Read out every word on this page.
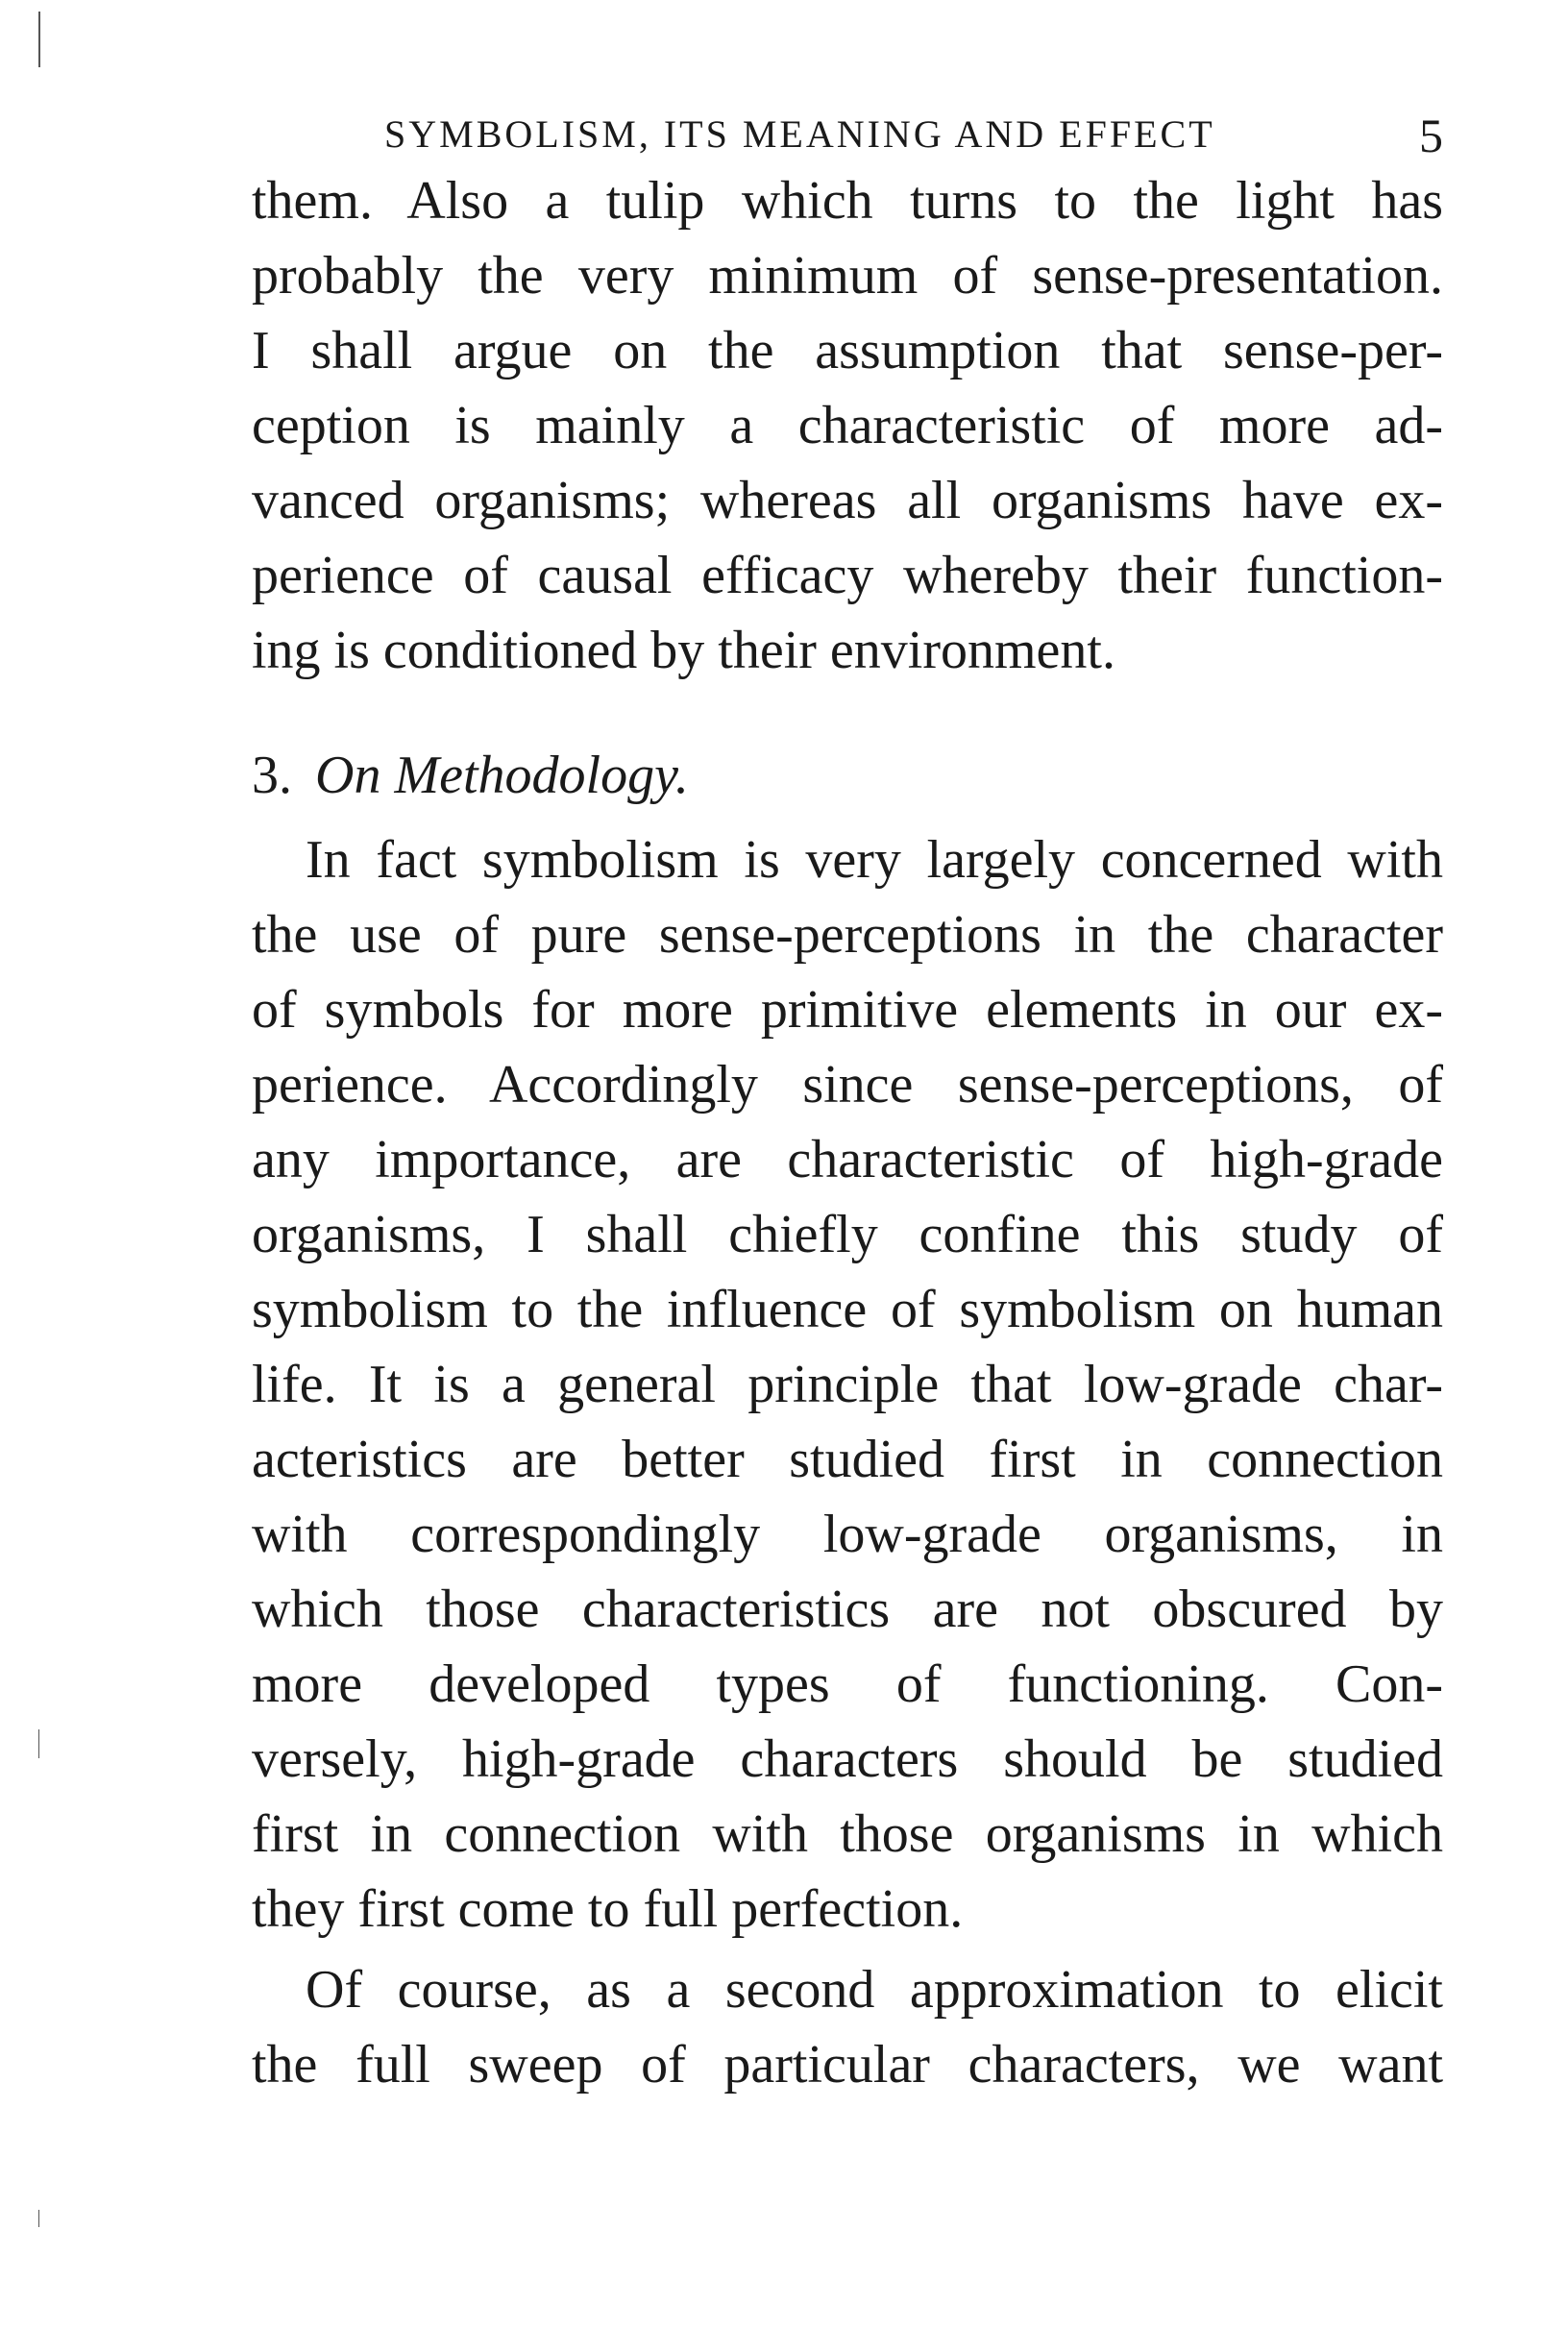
SYMBOLISM, ITS MEANING AND EFFECT	5
them. Also a tulip which turns to the light has
probably the very minimum of sense-presentation.
I shall argue on the assumption that sense-per-
ception is mainly a characteristic of more ad-
vanced organisms; whereas all organisms have ex-
perience of causal efficacy whereby their function-
ing is conditioned by their environment.
3. On Methodology.
In fact symbolism is very largely concerned with
the use of pure sense-perceptions in the character
of symbols for more primitive elements in our ex-
perience. Accordingly since sense-perceptions, of
any importance, are characteristic of high-grade
organisms, I shall chiefly confine this study of
symbolism to the influence of symbolism on human
life. It is a general principle that low-grade char-
acteristics are better studied first in connection
with correspondingly low-grade organisms, in
which those characteristics are not obscured by
more developed types of functioning. Con-
versely, high-grade characters should be studied
first in connection with those organisms in which
they first come to full perfection.
Of course, as a second approximation to elicit
the full sweep of particular characters, we want
